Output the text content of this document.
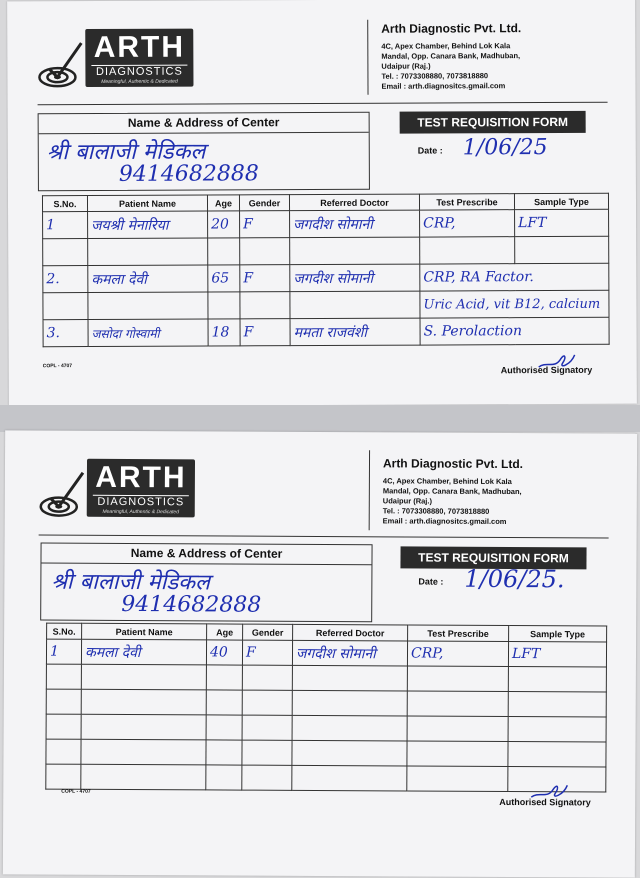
ARTH
DIAGNOSTICS
Meaningful, Authentic & Dedicated
Arth Diagnostic Pvt. Ltd.
4C, Apex Chamber, Behind Lok Kala
Mandal, Opp. Canara Bank, Madhuban,
Udaipur (Raj.)
Tel. : 7073308880, 7073818880
Email : arth.diagnositcs.gmail.com
Name & Address of Center
श्री बालाजी मेडिकल
9414682888
TEST REQUISITION FORM
Date : 1/06/25
S.No.	Patient Name	Age	Gender	Referred Doctor	Test Prescribe	Sample Type
1	जयश्री मेनारिया	20	F	जगदीश सोमानी	CRP,	LFT

2.	कमला देवी	65	F	जगदीश सोमानी	CRP, RA Factor.	
					Uric Acid, vit B12, calcium	
3.	जसोदा गोस्वामी	18	F	ममता राजवंशी	S. Perolaction	
COPL - 4707	Authorised Signatory
ARTH
DIAGNOSTICS
Meaningful, Authentic & Dedicated
Arth Diagnostic Pvt. Ltd.
4C, Apex Chamber, Behind Lok Kala
Mandal, Opp. Canara Bank, Madhuban,
Udaipur (Raj.)
Tel. : 7073308880, 7073818880
Email : arth.diagnositcs.gmail.com
Name & Address of Center
श्री बालाजी मेडिकल
9414682888
TEST REQUISITION FORM
Date : 1/06/25.
S.No.	Patient Name	Age	Gender	Referred Doctor	Test Prescribe	Sample Type
1	कमला देवी	40	F	जगदीश सोमानी	CRP,	LFT

COPL - 4707
Authorised Signatory
